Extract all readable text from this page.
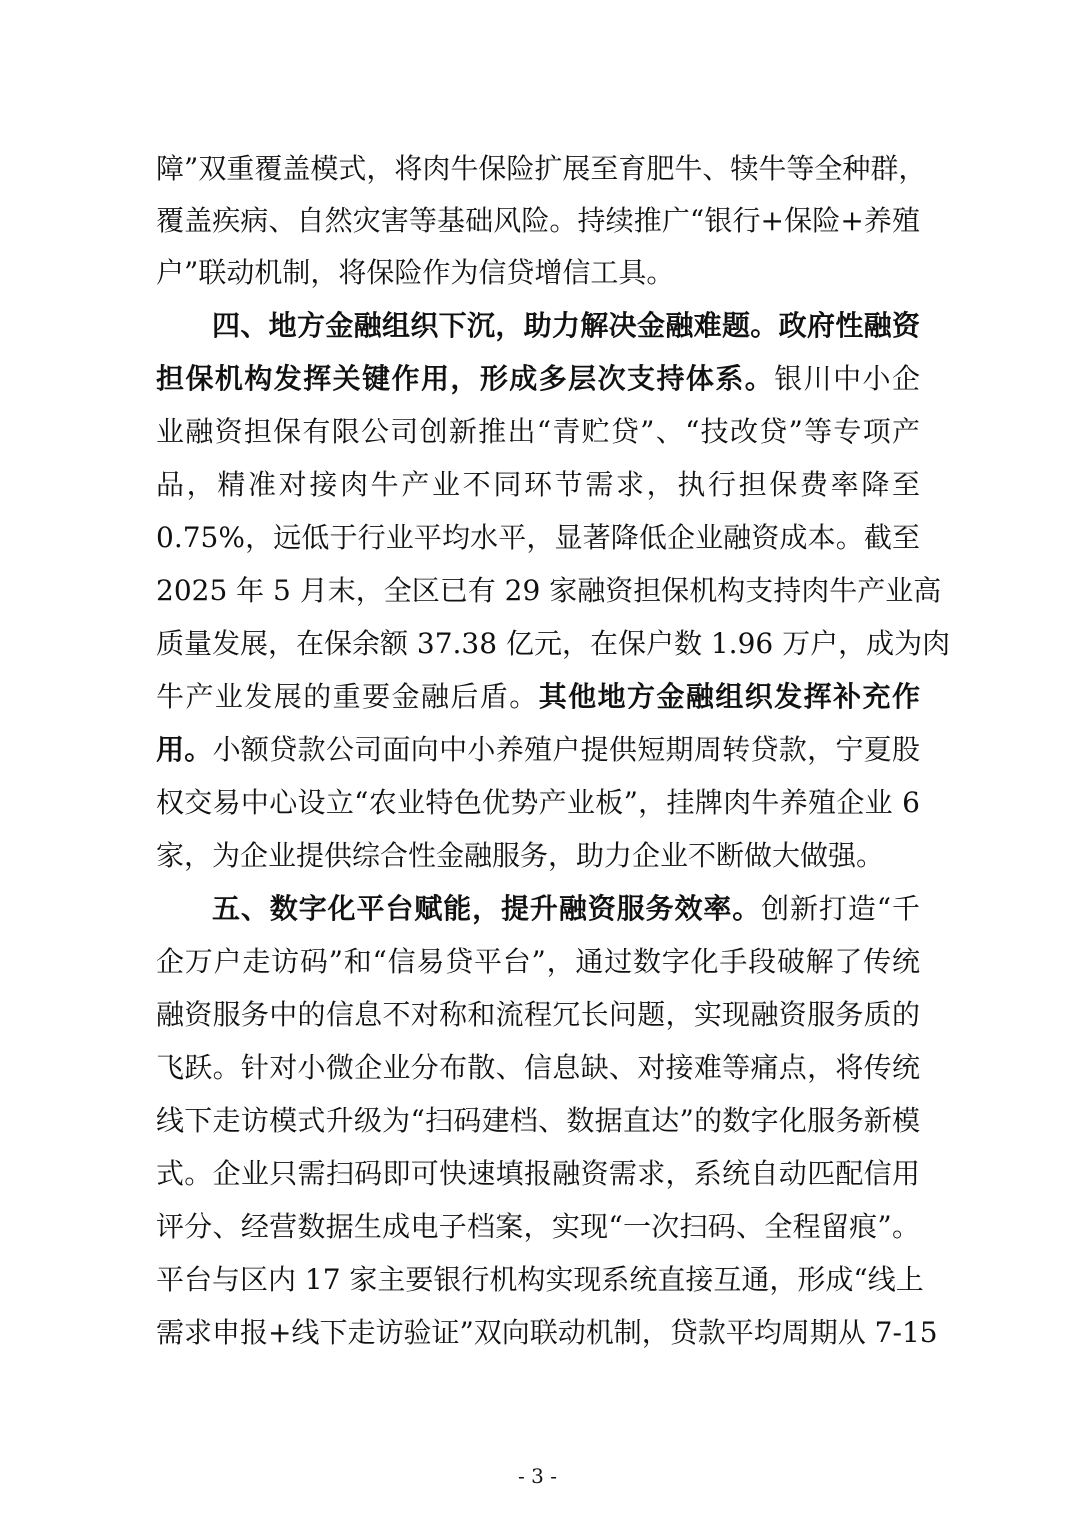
障”双重覆盖模式，将肉牛保险扩展至育肥牛、犊牛等全种群，
覆盖疾病、自然灾害等基础风险。持续推广“银行+保险+养殖
户”联动机制，将保险作为信贷增信工具。
四、地方金融组织下沉，助力解决金融难题。政府性融资
担保机构发挥关键作用，形成多层次支持体系。银川中小企
业融资担保有限公司创新推出“青贮贷”、“技改贷”等专项产
品，精准对接肉牛产业不同环节需求，执行担保费率降至
0.75%，远低于行业平均水平，显著降低企业融资成本。截至
2025 年 5 月末，全区已有 29 家融资担保机构支持肉牛产业高
质量发展，在保余额 37.38 亿元，在保户数 1.96 万户，成为肉
牛产业发展的重要金融后盾。其他地方金融组织发挥补充作
用。小额贷款公司面向中小养殖户提供短期周转贷款，宁夏股
权交易中心设立“农业特色优势产业板”，挂牌肉牛养殖企业 6
家，为企业提供综合性金融服务，助力企业不断做大做强。
五、数字化平台赋能，提升融资服务效率。创新打造“千
企万户走访码”和“信易贷平台”，通过数字化手段破解了传统
融资服务中的信息不对称和流程冗长问题，实现融资服务质的
飞跃。针对小微企业分布散、信息缺、对接难等痛点，将传统
线下走访模式升级为“扫码建档、数据直达”的数字化服务新模
式。企业只需扫码即可快速填报融资需求，系统自动匹配信用
评分、经营数据生成电子档案，实现“一次扫码、全程留痕”。
平台与区内 17 家主要银行机构实现系统直接互通，形成“线上
需求申报+线下走访验证”双向联动机制，贷款平均周期从 7-15
- 3 -
